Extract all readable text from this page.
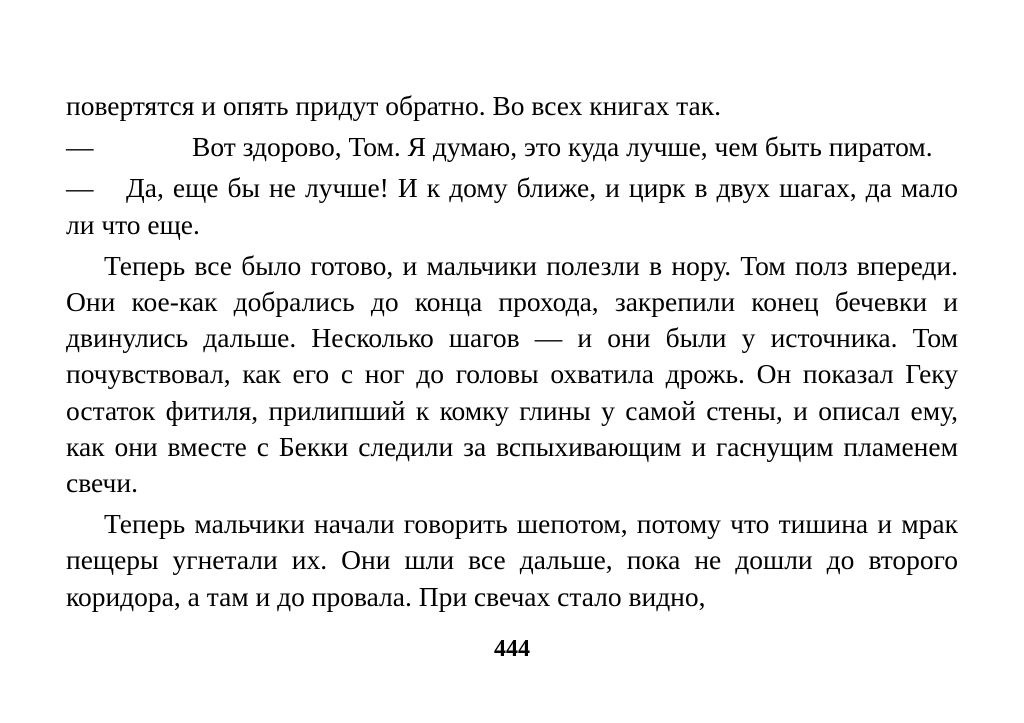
повертятся и опять придут обратно. Во всех книгах так.

—	Вот здорово, Том. Я думаю, это куда лучше, чем быть пиратом.

— Да, еще бы не лучше! И к дому ближе, и цирк в двух шагах, да мало ли что еще.

Теперь все было готово, и мальчики полезли в нору. Том полз впереди. Они кое-как добрались до конца прохода, закрепили конец бечевки и двинулись дальше. Несколько шагов — и они были у источника. Том почувствовал, как его с ног до головы охватила дрожь. Он показал Геку остаток фитиля, прилипший к комку глины у самой стены, и описал ему, как они вместе с Бекки следили за вспыхивающим и гаснущим пламенем свечи.

Теперь мальчики начали говорить шепотом, потому что тишина и мрак пещеры угнетали их. Они шли все дальше, пока не дошли до второго коридора, а там и до провала. При свечах стало видно,

444
